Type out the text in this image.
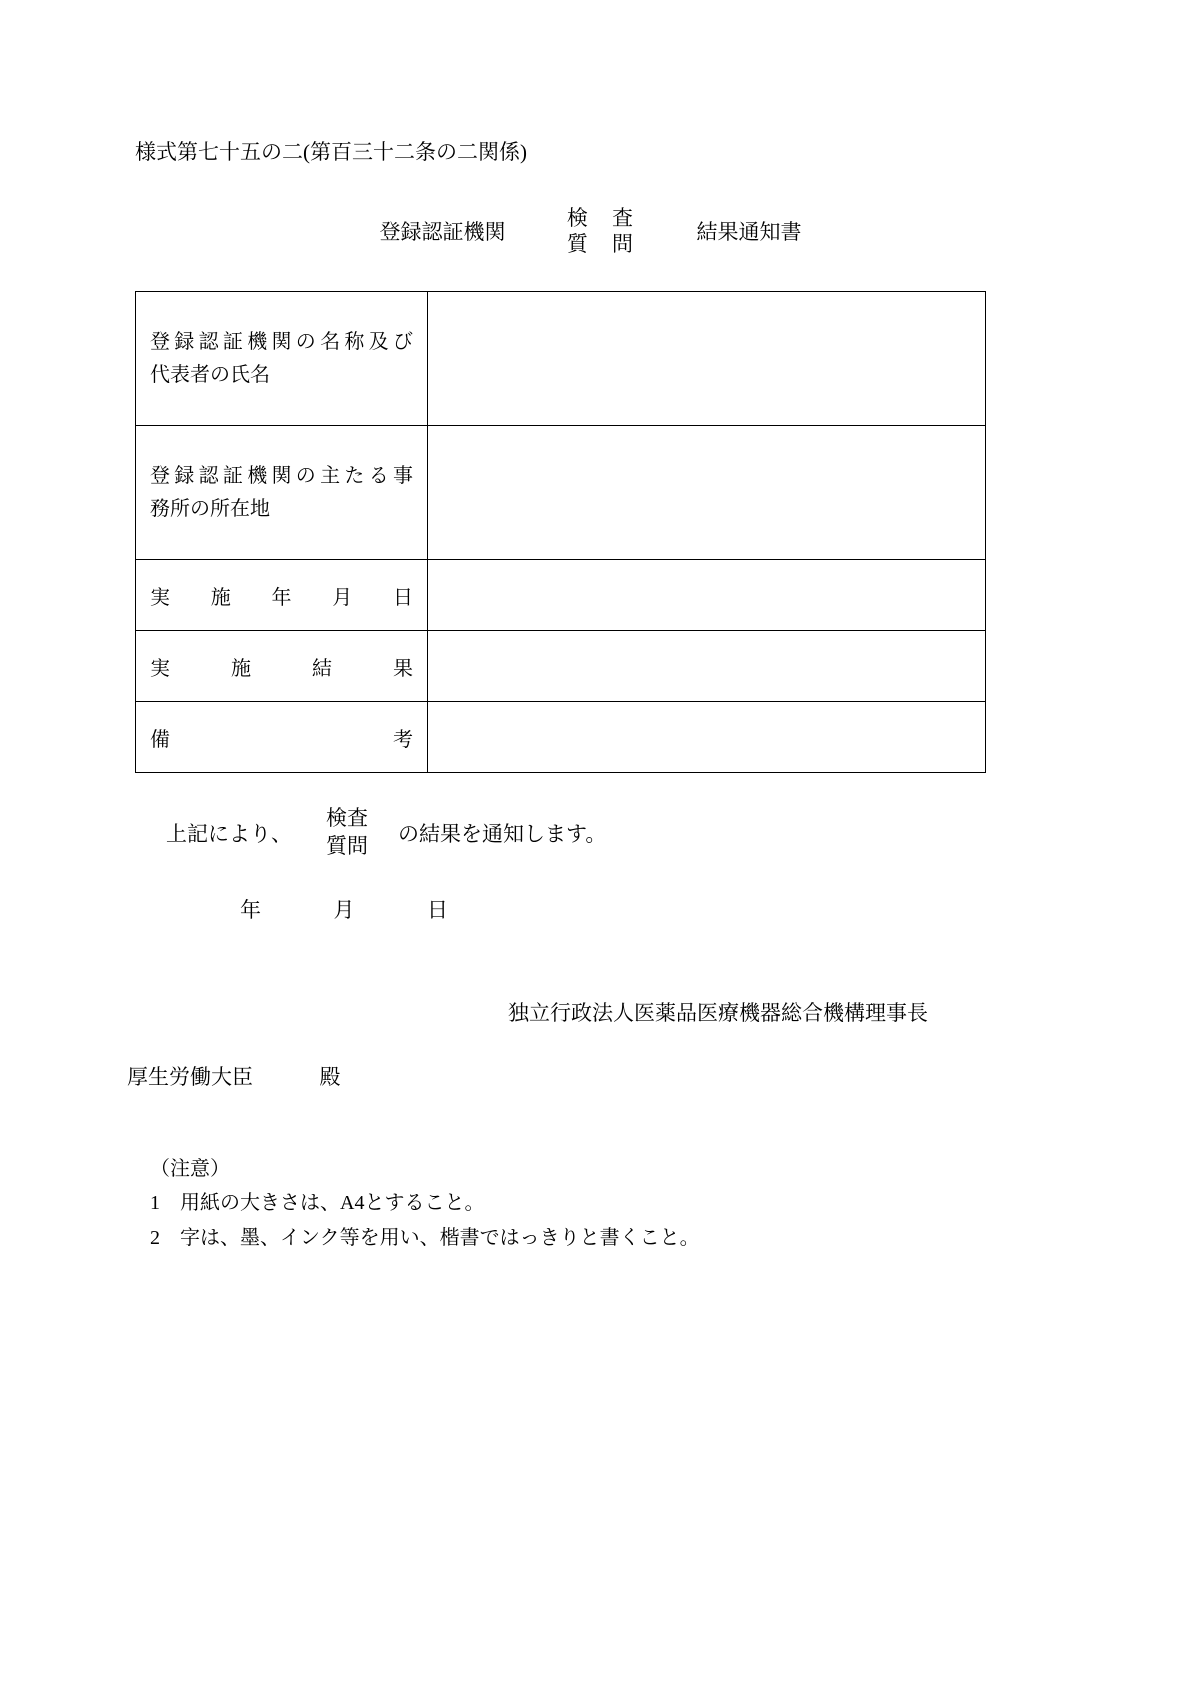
様式第七十五の二(第百三十二条の二関係)
登録認証機関
検 査
質 問	結果通知書
登録認証機関の名称及び
代表者の氏名	

登録認証機関の主たる事
務所の所在地	

実施年月日	

実施結果	

備考	

上記により、
検査
質問 の結果を通知します。
年	月	日
独立行政法人医薬品医療機器総合機構理事長
厚生労働大臣	殿
（注意）
1 用紙の大きさは、A4とすること。
2 字は、墨、インク等を用い、楷書ではっきりと書くこと。
